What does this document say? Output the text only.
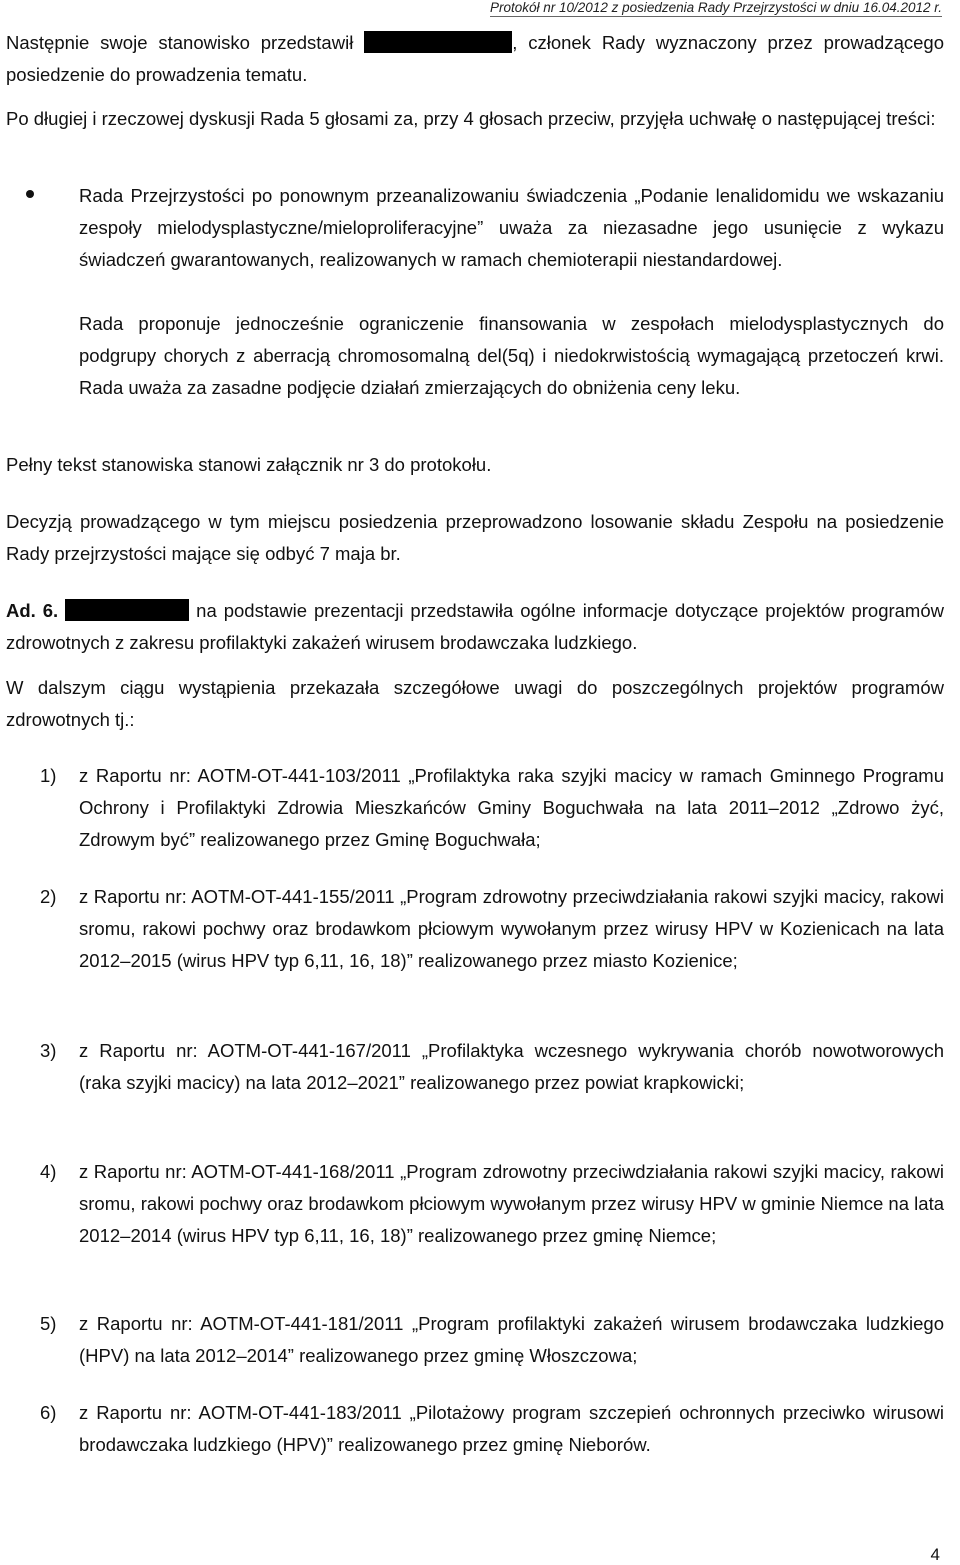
Protokół nr 10/2012 z posiedzenia Rady Przejrzystości w dniu 16.04.2012 r.
Następnie swoje stanowisko przedstawił	, członek Rady wyznaczony przez prowadzącego posiedzenie do prowadzenia tematu.
Po długiej i rzeczowej dyskusji Rada 5 głosami za, przy 4 głosach przeciw, przyjęła uchwałę o następującej treści:
Rada Przejrzystości po ponownym przeanalizowaniu świadczenia „Podanie lenalidomidu we wskazaniu zespoły mielodysplastyczne/mieloproliferacyjne” uważa za niezasadne jego usunięcie z wykazu świadczeń gwarantowanych, realizowanych w ramach chemioterapii niestandardowej.
Rada proponuje jednocześnie ograniczenie finansowania w zespołach mielodysplastycznych do podgrupy chorych z aberracją chromosomalną del(5q) i niedokrwistością wymagającą przetoczeń krwi. Rada uważa za zasadne podjęcie działań zmierzających do obniżenia ceny leku.
Pełny tekst stanowiska stanowi załącznik nr 3 do protokołu.
Decyzją prowadzącego w tym miejscu posiedzenia przeprowadzono losowanie składu Zespołu na posiedzenie Rady przejrzystości mające się odbyć 7 maja br.
Ad. 6.	na podstawie prezentacji przedstawiła ogólne informacje dotyczące projektów programów zdrowotnych z zakresu profilaktyki zakażeń wirusem brodawczaka ludzkiego.
W dalszym ciągu wystąpienia przekazała szczegółowe uwagi do poszczególnych projektów programów zdrowotnych tj.:
1) z Raportu nr: AOTM-OT-441-103/2011 „Profilaktyka raka szyjki macicy w ramach Gminnego Programu Ochrony i Profilaktyki Zdrowia Mieszkańców Gminy Boguchwała na lata 2011–2012 „Zdrowo żyć, Zdrowym być” realizowanego przez Gminę Boguchwała;
2) z Raportu nr: AOTM-OT-441-155/2011 „Program zdrowotny przeciwdziałania rakowi szyjki macicy, rakowi sromu, rakowi pochwy oraz brodawkom płciowym wywołanym przez wirusy HPV w Kozienicach na lata 2012–2015 (wirus HPV typ 6,11, 16, 18)” realizowanego przez miasto Kozienice;
3) z Raportu nr: AOTM-OT-441-167/2011 „Profilaktyka wczesnego wykrywania chorób nowotworowych (raka szyjki macicy) na lata 2012–2021” realizowanego przez powiat krapkowicki;
4) z Raportu nr: AOTM-OT-441-168/2011 „Program zdrowotny przeciwdziałania rakowi szyjki macicy, rakowi sromu, rakowi pochwy oraz brodawkom płciowym wywołanym przez wirusy HPV w gminie Niemce na lata 2012–2014 (wirus HPV typ 6,11, 16, 18)” realizowanego przez gminę Niemce;
5) z Raportu nr: AOTM-OT-441-181/2011 „Program profilaktyki zakażeń wirusem brodawczaka ludzkiego (HPV) na lata 2012–2014” realizowanego przez gminę Włoszczowa;
6) z Raportu nr: AOTM-OT-441-183/2011 „Pilotażowy program szczepień ochronnych przeciwko wirusowi brodawczaka ludzkiego (HPV)” realizowanego przez gminę Nieborów.
4
